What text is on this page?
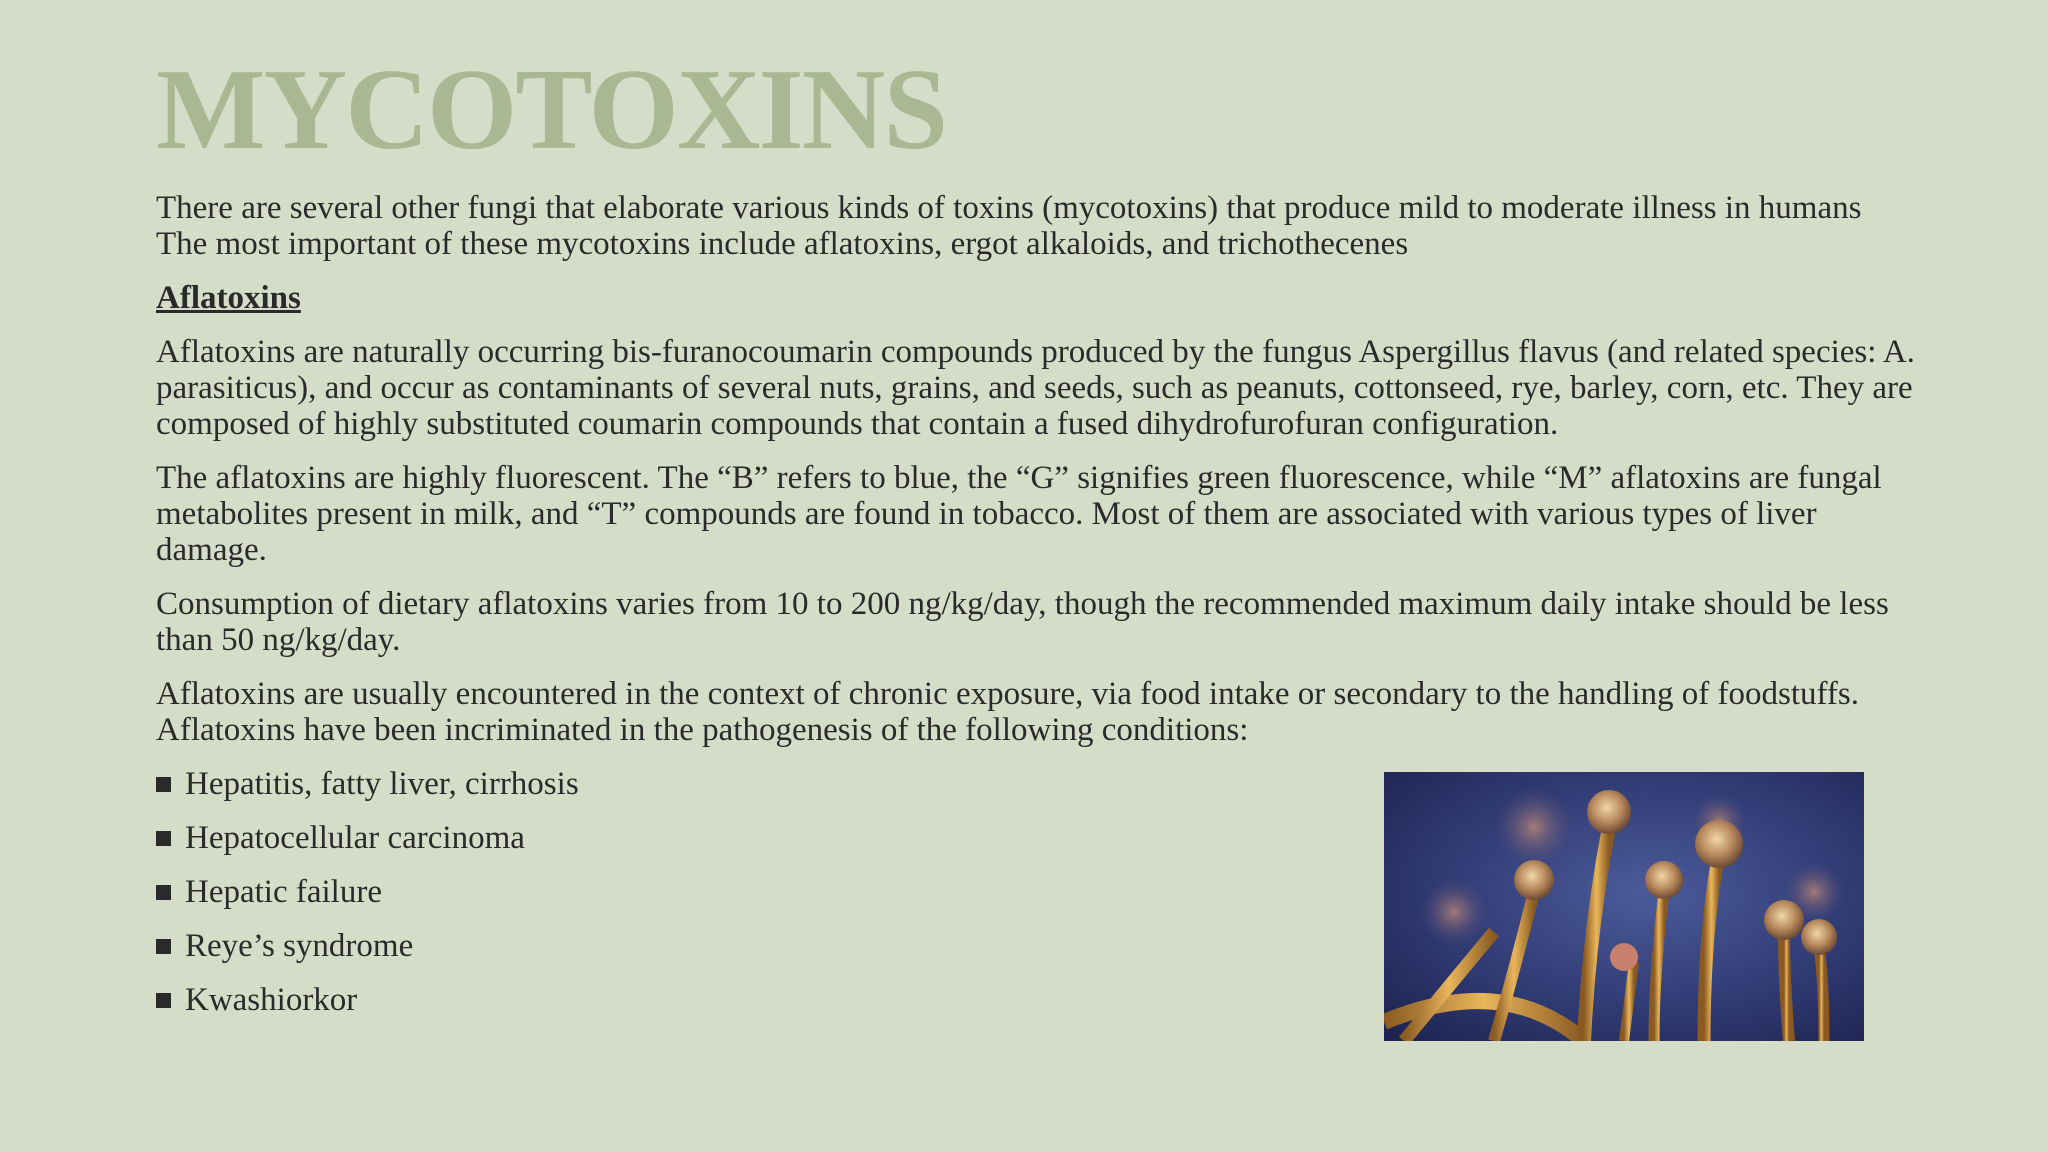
MYCOTOXINS

There are several other fungi that elaborate various kinds of toxins (mycotoxins) that produce mild to moderate illness in humans The most important of these mycotoxins include aflatoxins, ergot alkaloids, and trichothecenes

Aflatoxins

Aflatoxins are naturally occurring bis-furanocoumarin compounds produced by the fungus Aspergillus flavus (and related species: A. parasiticus), and occur as contaminants of several nuts, grains, and seeds, such as peanuts, cottonseed, rye, barley, corn, etc. They are composed of highly substituted coumarin compounds that contain a fused dihydrofurofuran configuration.

The aflatoxins are highly fluorescent. The “B” refers to blue, the “G” signifies green fluorescence, while “M” aflatoxins are fungal metabolites present in milk, and “T” compounds are found in tobacco. Most of them are associated with various types of liver damage.

Consumption of dietary aflatoxins varies from 10 to 200 ng/kg/day, though the recommended maximum daily intake should be less than 50 ng/kg/day.

Aflatoxins are usually encountered in the context of chronic exposure, via food intake or secondary to the handling of foodstuffs. Aflatoxins have been incriminated in the pathogenesis of the following conditions:

Hepatitis, fatty liver, cirrhosis
Hepatocellular carcinoma
Hepatic failure
Reye’s syndrome
Kwashiorkor
